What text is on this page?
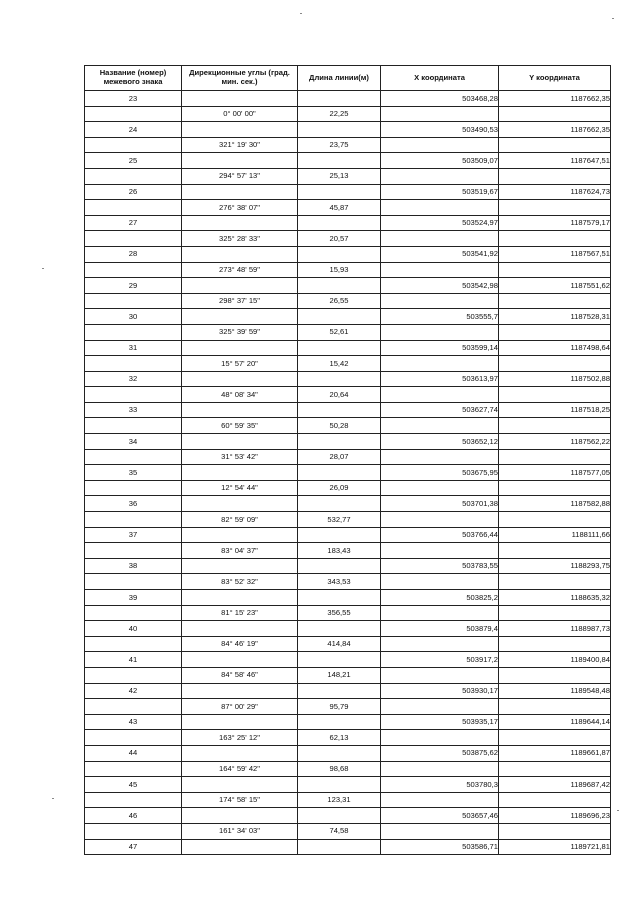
Название (номер) межевого знака	Дирекционные углы (град. мин. сек.)	Длина линии(м)	X координата	Y координата
23			503468,28	1187662,35
	0° 00' 00"	22,25		
24			503490,53	1187662,35
	321° 19' 30"	23,75		
25			503509,07	1187647,51
	294° 57' 13"	25,13		
26			503519,67	1187624,73
	276° 38' 07"	45,87		
27			503524,97	1187579,17
	325° 28' 33"	20,57		
28			503541,92	1187567,51
	273° 48' 59"	15,93		
29			503542,98	1187551,62
	298° 37' 15"	26,55		
30			503555,7	1187528,31
	325° 39' 59"	52,61		
31			503599,14	1187498,64
	15° 57' 20"	15,42		
32			503613,97	1187502,88
	48° 08' 34"	20,64		
33			503627,74	1187518,25
	60° 59' 35"	50,28		
34			503652,12	1187562,22
	31° 53' 42"	28,07		
35			503675,95	1187577,05
	12° 54' 44"	26,09		
36			503701,38	1187582,88
	82° 59' 09"	532,77		
37			503766,44	1188111,66
	83° 04' 37"	183,43		
38			503783,55	1188293,75
	83° 52' 32"	343,53		
39			503825,2	1188635,32
	81° 15' 23"	356,55		
40			503879,4	1188987,73
	84° 46' 19"	414,84		
41			503917,2	1189400,84
	84° 58' 46"	148,21		
42			503930,17	1189548,48
	87° 00' 29"	95,79		
43			503935,17	1189644,14
	163° 25' 12"	62,13		
44			503875,62	1189661,87
	164° 59' 42"	98,68		
45			503780,3	1189687,42
	174° 58' 15"	123,31		
46			503657,46	1189696,23
	161° 34' 03"	74,58		
47			503586,71	1189721,81
